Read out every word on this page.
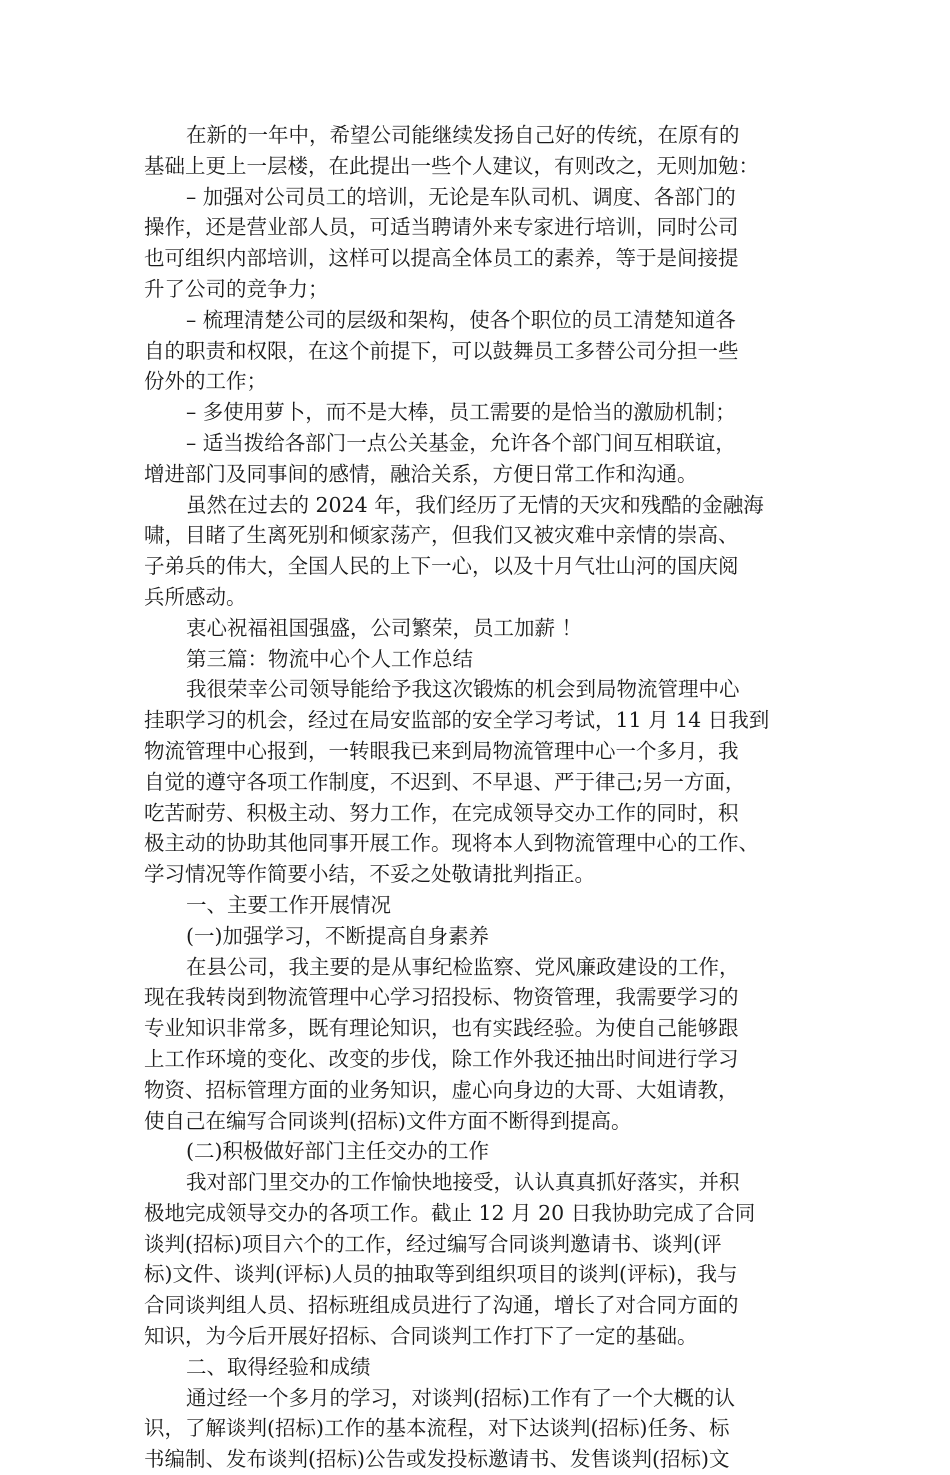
在新的一年中，希望公司能继续发扬自己好的传统，在原有的
基础上更上一层楼，在此提出一些个人建议，有则改之，无则加勉：
– 加强对公司员工的培训，无论是车队司机、调度、各部门的
操作，还是营业部人员，可适当聘请外来专家进行培训，同时公司
也可组织内部培训，这样可以提高全体员工的素养，等于是间接提
升了公司的竞争力；
– 梳理清楚公司的层级和架构，使各个职位的员工清楚知道各
自的职责和权限，在这个前提下，可以鼓舞员工多替公司分担一些
份外的工作；
– 多使用萝卜，而不是大棒，员工需要的是恰当的激励机制；
– 适当拨给各部门一点公关基金，允许各个部门间互相联谊，
增进部门及同事间的感情，融洽关系，方便日常工作和沟通。
虽然在过去的 2024 年，我们经历了无情的天灾和残酷的金融海
啸，目睹了生离死别和倾家荡产，但我们又被灾难中亲情的崇高、
子弟兵的伟大，全国人民的上下一心，以及十月气壮山河的国庆阅
兵所感动。
衷心祝福祖国强盛，公司繁荣，员工加薪 ！
第三篇：物流中心个人工作总结
我很荣幸公司领导能给予我这次锻炼的机会到局物流管理中心
挂职学习的机会，经过在局安监部的安全学习考试，11 月 14 日我到
物流管理中心报到，一转眼我已来到局物流管理中心一个多月，我
自觉的遵守各项工作制度，不迟到、不早退、严于律己;另一方面，
吃苦耐劳、积极主动、努力工作，在完成领导交办工作的同时，积
极主动的协助其他同事开展工作。现将本人到物流管理中心的工作、
学习情况等作简要小结，不妥之处敬请批判指正。
一、主要工作开展情况
(一)加强学习，不断提高自身素养
在县公司，我主要的是从事纪检监察、党风廉政建设的工作，
现在我转岗到物流管理中心学习招投标、物资管理，我需要学习的
专业知识非常多，既有理论知识，也有实践经验。为使自己能够跟
上工作环境的变化、改变的步伐，除工作外我还抽出时间进行学习
物资、招标管理方面的业务知识，虚心向身边的大哥、大姐请教，
使自己在编写合同谈判(招标)文件方面不断得到提高。
(二)积极做好部门主任交办的工作
我对部门里交办的工作愉快地接受，认认真真抓好落实，并积
极地完成领导交办的各项工作。截止 12 月 20 日我协助完成了合同
谈判(招标)项目六个的工作，经过编写合同谈判邀请书、谈判(评
标)文件、谈判(评标)人员的抽取等到组织项目的谈判(评标)，我与
合同谈判组人员、招标班组成员进行了沟通，增长了对合同方面的
知识，为今后开展好招标、合同谈判工作打下了一定的基础。
二、取得经验和成绩
通过经一个多月的学习，对谈判(招标)工作有了一个大概的认
识，了解谈判(招标)工作的基本流程，对下达谈判(招标)任务、标
书编制、发布谈判(招标)公告或发投标邀请书、发售谈判(招标)文
